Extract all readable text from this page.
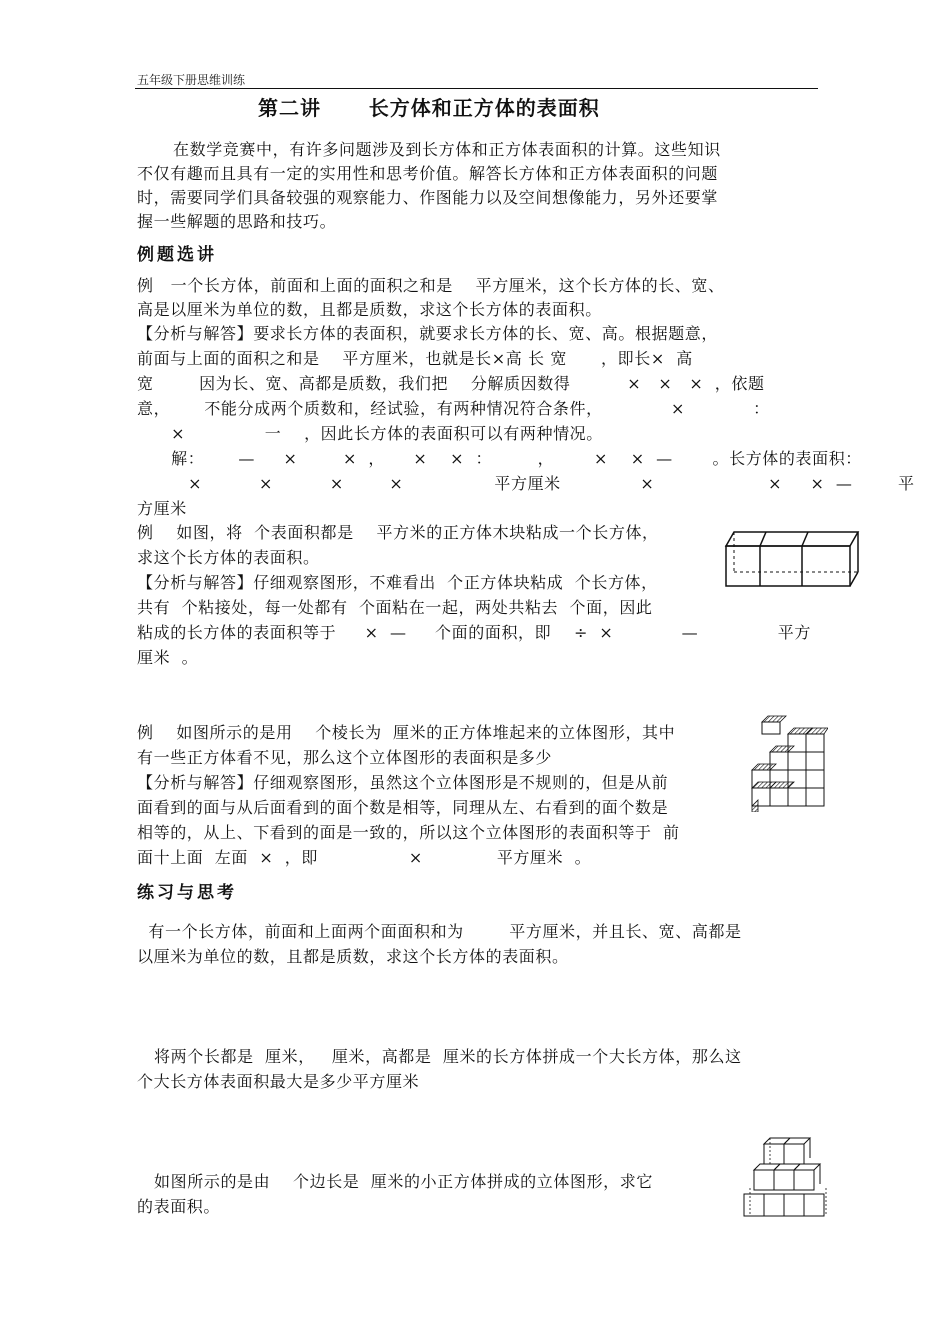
五年级下册思维训练
第二讲      长方体和正方体的表面积
在数学竞赛中，有许多问题涉及到长方体和正方体表面积的计算。这些知识
不仅有趣而且具有一定的实用性和思考价值。解答长方体和正方体表面积的问题
时，需要同学们具备较强的观察能力、作图能力以及空间想像能力，另外还要掌
握一些解题的思路和技巧。
例题选讲
例   一个长方体，前面和上面的面积之和是    平方厘米，这个长方体的长、宽、
高是以厘米为单位的数，且都是质数，求这个长方体的表面积。
【分析与解答】要求长方体的表面积，就要求长方体的长、宽、高。根据题意，
前面与上面的面积之和是    平方厘米，也就是长×高 长 宽      ，即长×  高
宽        因为长、宽、高都是质数，我们把    分解质因数得          ×   ×   ×  ，依题
意，      不能分成两个质数和，经试验，有两种情况符合条件，            ×            ：
×              一    ，因此长方体的表面积可以有两种情况。
解：      —     ×        ×  ，     ×    ×  ：        ，       ×    ×  —       。长方体的表面积：
×          ×          ×        ×                平方厘米              ×                    ×     ×  —        平
方厘米
例    如图，将  个表面积都是    平方米的正方体木块粘成一个长方体，
求这个长方体的表面积。
【分析与解答】仔细观察图形，不难看出  个正方体块粘成  个长方体，
共有  个粘接处，每一处都有  个面粘在一起，两处共粘去  个面，因此
粘成的长方体的表面积等于     ×  —     个面的面积，即    ÷  ×            —              平方
厘米  。
例    如图所示的是用    个棱长为  厘米的正方体堆起来的立体图形，其中
有一些正方体看不见，那么这个立体图形的表面积是多少
【分析与解答】仔细观察图形，虽然这个立体图形是不规则的，但是从前
面看到的面与从后面看到的面个数是相等，同理从左、右看到的面个数是
相等的，从上、下看到的面是一致的，所以这个立体图形的表面积等于  前
面十上面  左面  ×  ，即                ×             平方厘米  。
练习与思考
有一个长方体，前面和上面两个面面积和为        平方厘米，并且长、宽、高都是
以厘米为单位的数，且都是质数，求这个长方体的表面积。
将两个长都是  厘米，   厘米，高都是  厘米的长方体拼成一个大长方体，那么这
个大长方体表面积最大是多少平方厘米
如图所示的是由    个边长是  厘米的小正方体拼成的立体图形，求它
的表面积。
